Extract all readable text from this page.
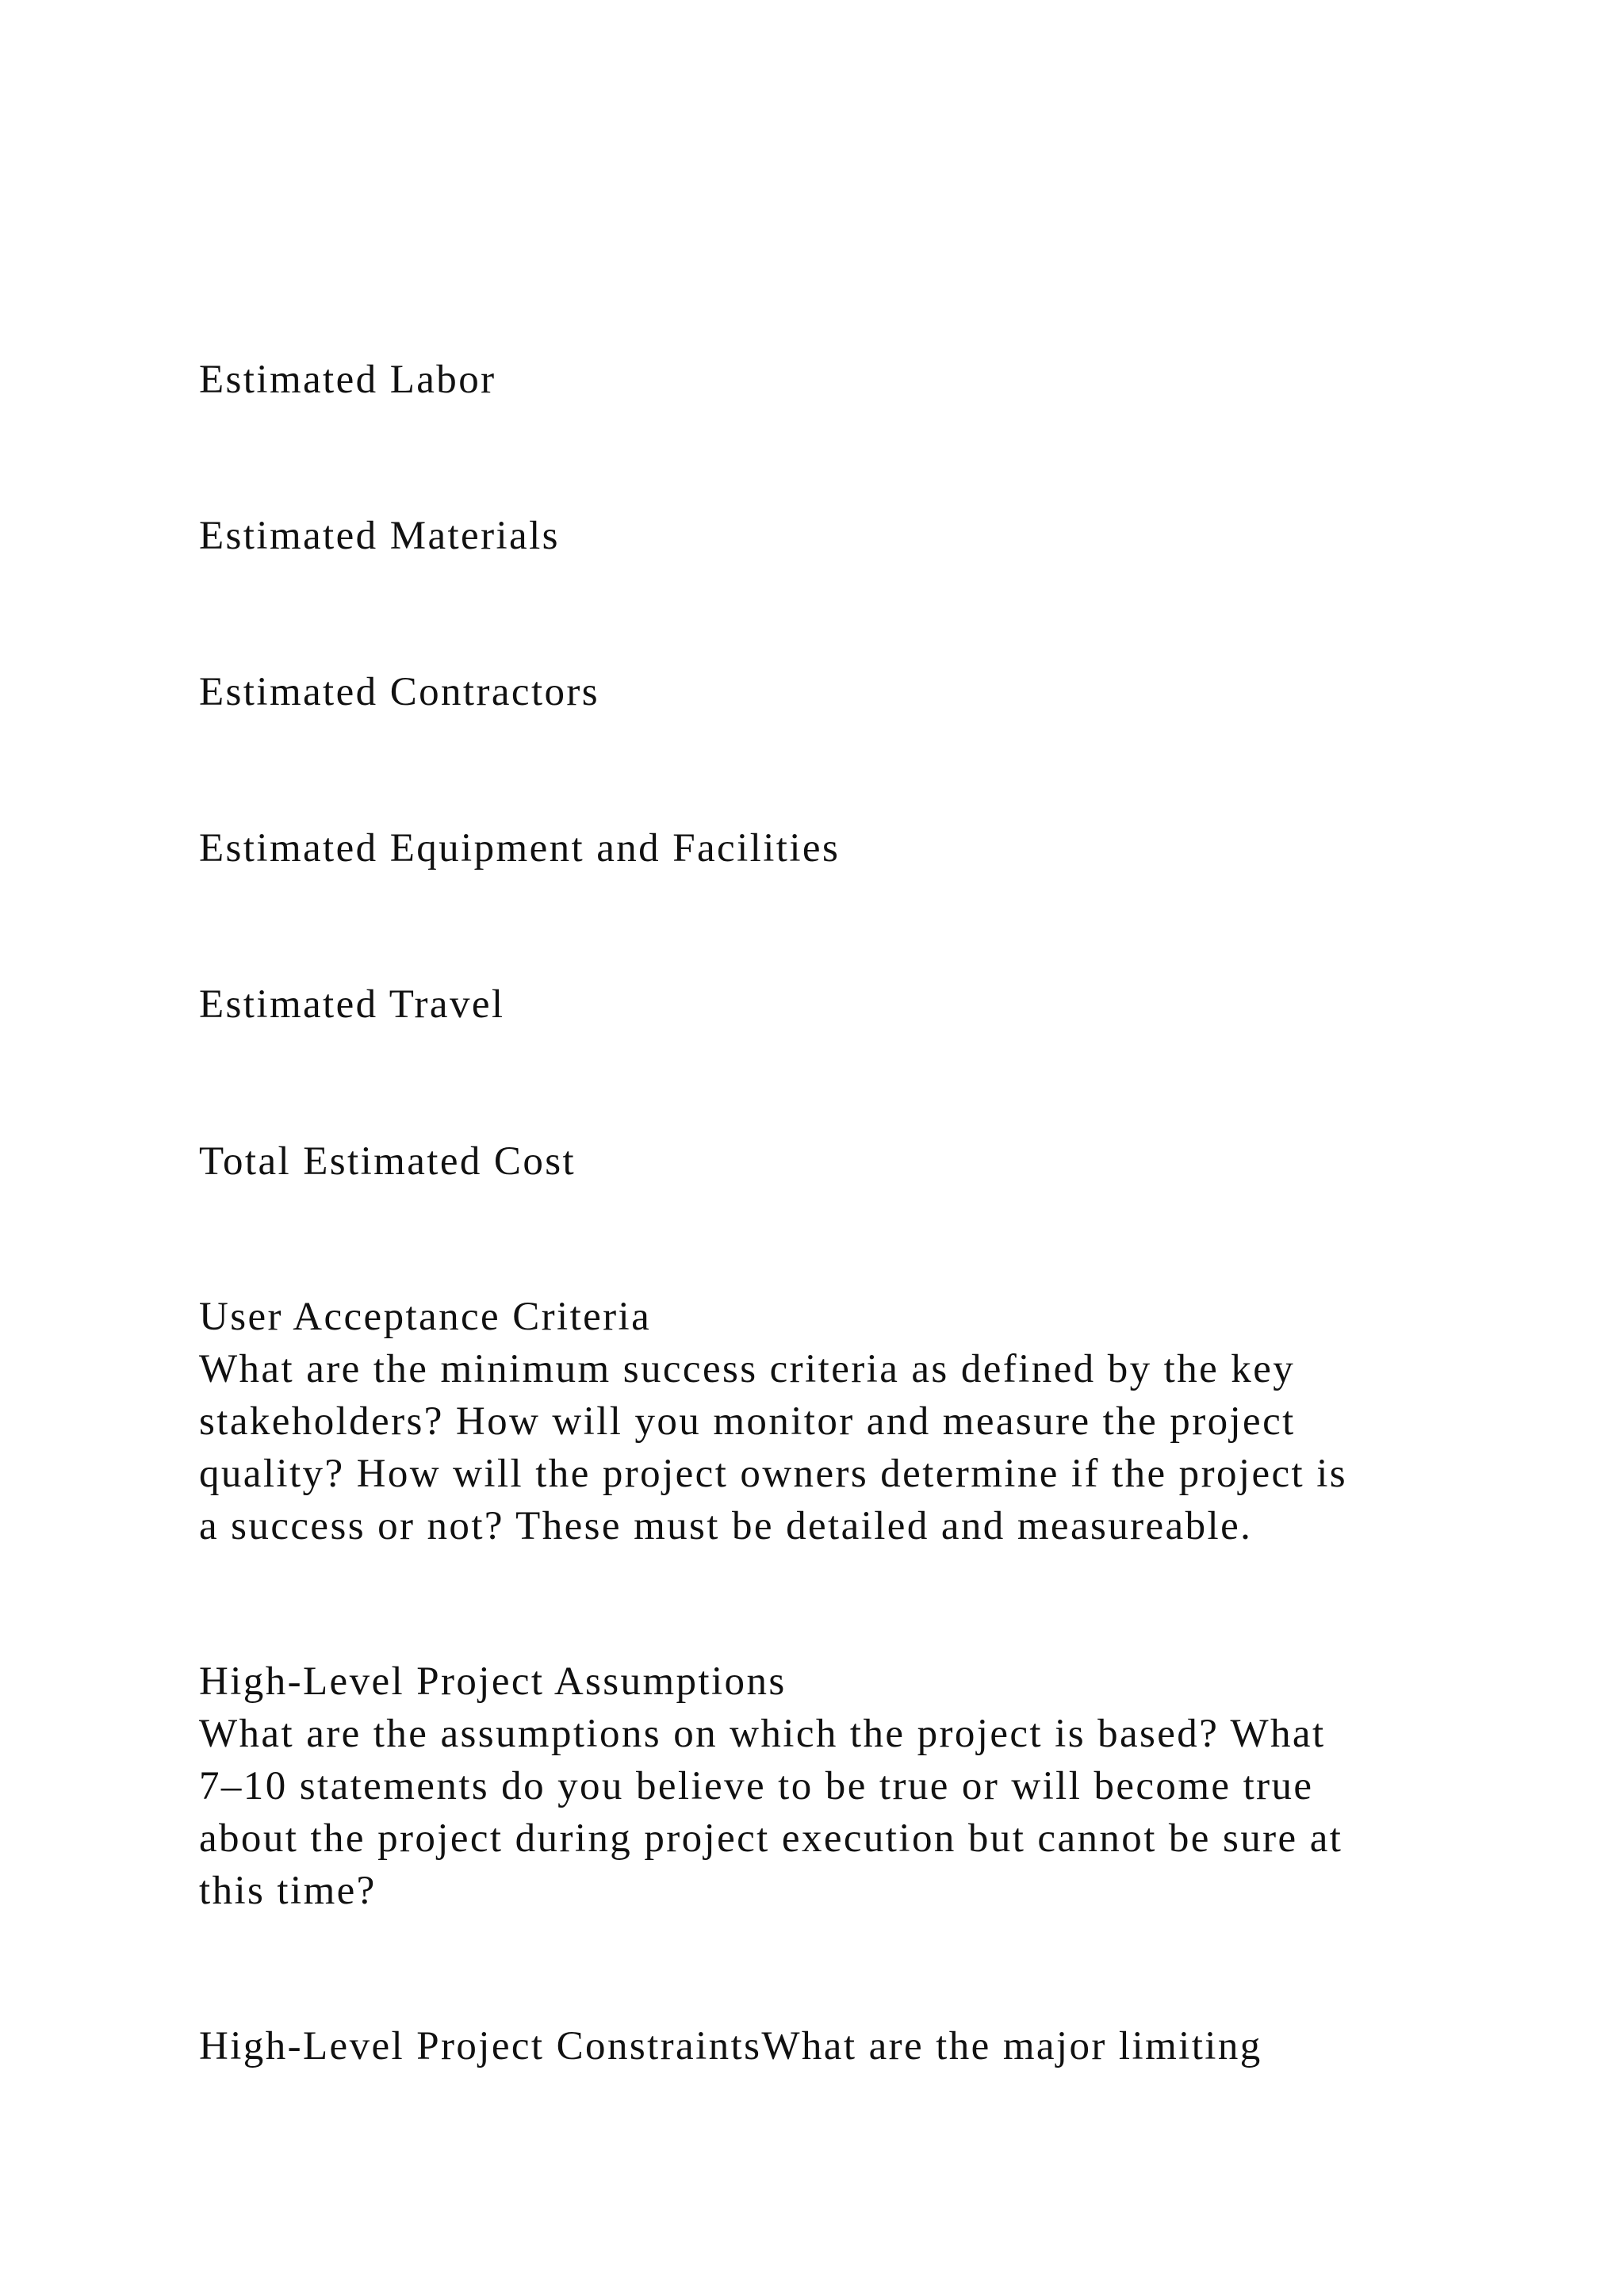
Estimated Labor

Estimated Materials

Estimated Contractors

Estimated Equipment and Facilities

Estimated Travel

Total Estimated Cost

User Acceptance Criteria
What are the minimum success criteria as defined by the key
stakeholders? How will you monitor and measure the project
quality? How will the project owners determine if the project is
a success or not? These must be detailed and measureable.
High-Level Project Assumptions
What are the assumptions on which the project is based? What
7–10 statements do you believe to be true or will become true
about the project during project execution but cannot be sure at
this time?

High-Level Project ConstraintsWhat are the major limiting
